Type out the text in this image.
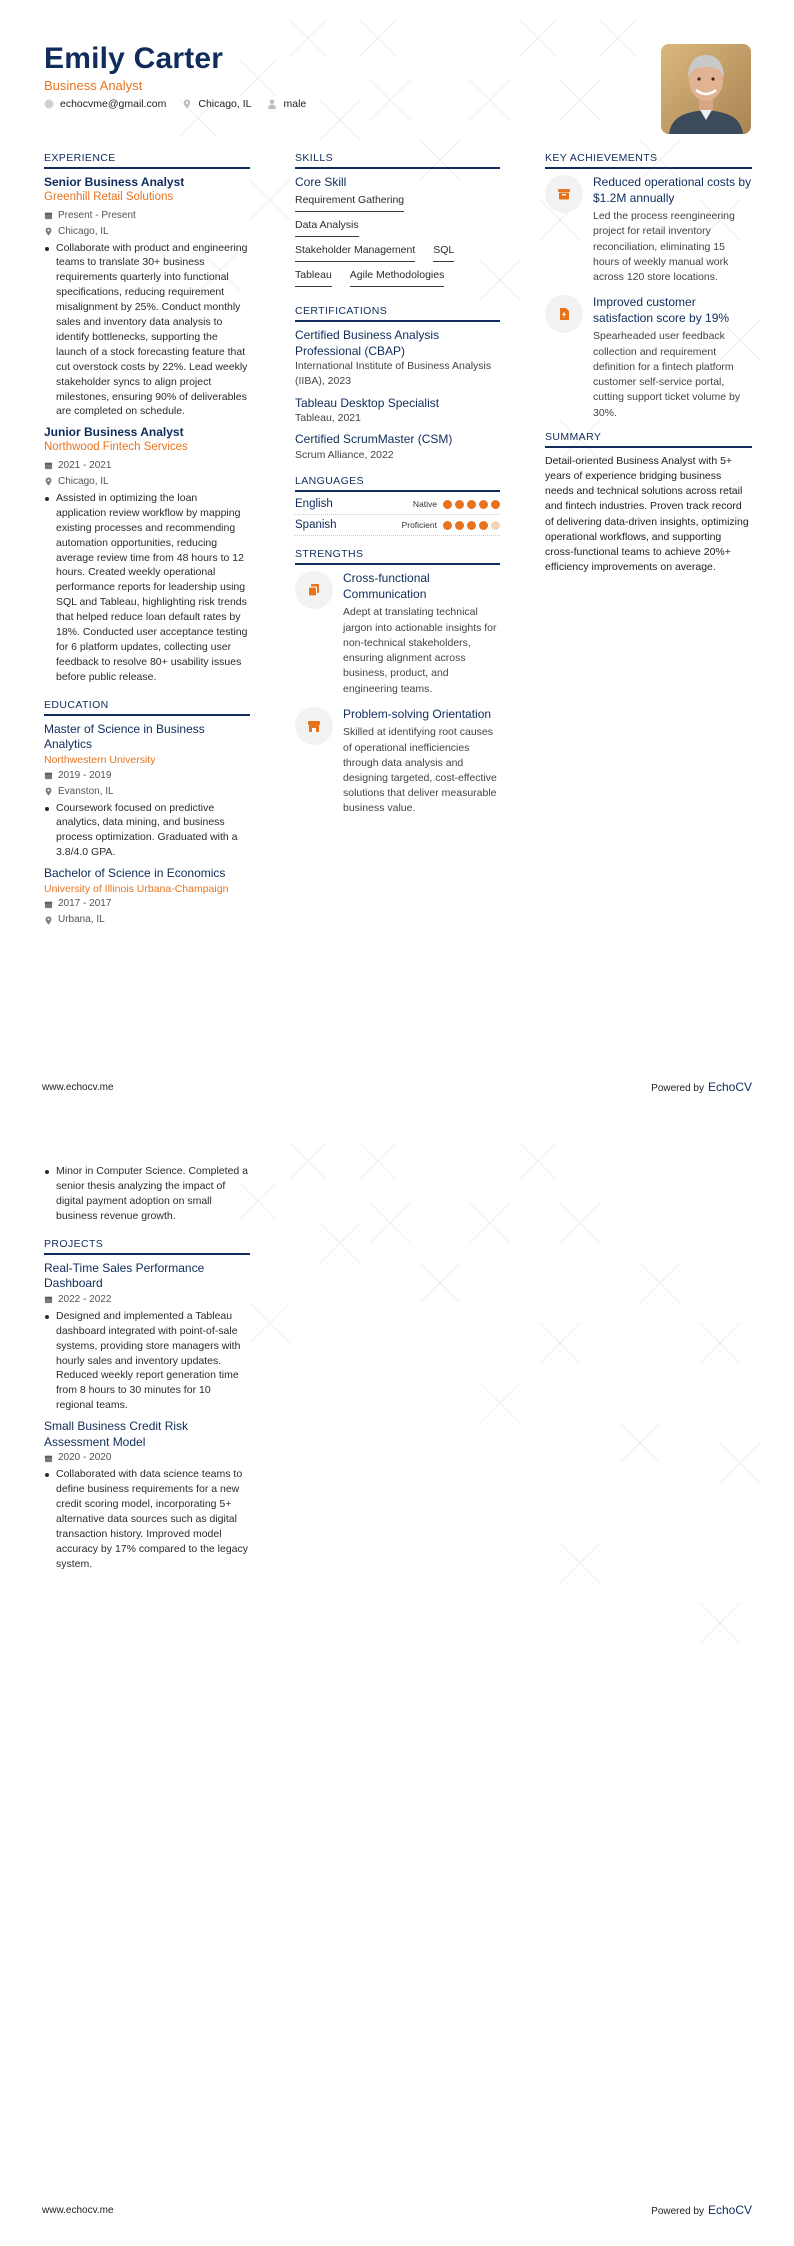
Emily Carter
Business Analyst
echocvme@gmail.com	Chicago, IL	male
EXPERIENCE
Senior Business Analyst
Greenhill Retail Solutions
Present - Present
Chicago, IL
Collaborate with product and engineering teams to translate 30+ business requirements quarterly into functional specifications, reducing requirement misalignment by 25%. Conduct monthly sales and inventory data analysis to identify bottlenecks, supporting the launch of a stock forecasting feature that cut overstock costs by 22%. Lead weekly stakeholder syncs to align project milestones, ensuring 90% of deliverables are completed on schedule.
Junior Business Analyst
Northwood Fintech Services
2021 - 2021
Chicago, IL
Assisted in optimizing the loan application review workflow by mapping existing processes and recommending automation opportunities, reducing average review time from 48 hours to 12 hours. Created weekly operational performance reports for leadership using SQL and Tableau, highlighting risk trends that helped reduce loan default rates by 18%. Conducted user acceptance testing for 6 platform updates, collecting user feedback to resolve 80+ usability issues before public release.
EDUCATION
Master of Science in Business Analytics
Northwestern University
2019 - 2019
Evanston, IL
Coursework focused on predictive analytics, data mining, and business process optimization. Graduated with a 3.8/4.0 GPA.
Bachelor of Science in Economics
University of Illinois Urbana-Champaign
2017 - 2017
Urbana, IL
SKILLS
Core Skill
Requirement Gathering
Data Analysis
Stakeholder Management SQL
Tableau Agile Methodologies
CERTIFICATIONS
Certified Business Analysis Professional (CBAP)
International Institute of Business Analysis (IIBA), 2023
Tableau Desktop Specialist
Tableau, 2021
Certified ScrumMaster (CSM)
Scrum Alliance, 2022
LANGUAGES
English	Native
Spanish	Proficient
STRENGTHS
Cross-functional Communication
Adept at translating technical jargon into actionable insights for non-technical stakeholders, ensuring alignment across business, product, and engineering teams.
Problem-solving Orientation
Skilled at identifying root causes of operational inefficiencies through data analysis and designing targeted, cost-effective solutions that deliver measurable business value.
KEY ACHIEVEMENTS
Reduced operational costs by $1.2M annually
Led the process reengineering project for retail inventory reconciliation, eliminating 15 hours of weekly manual work across 120 store locations.
Improved customer satisfaction score by 19%
Spearheaded user feedback collection and requirement definition for a fintech platform customer self-service portal, cutting support ticket volume by 30%.
SUMMARY
Detail-oriented Business Analyst with 5+ years of experience bridging business needs and technical solutions across retail and fintech industries. Proven track record of delivering data-driven insights, optimizing operational workflows, and supporting cross-functional teams to achieve 20%+ efficiency improvements on average.
www.echocv.me	Powered by EchoCV
Minor in Computer Science. Completed a senior thesis analyzing the impact of digital payment adoption on small business revenue growth.
PROJECTS
Real-Time Sales Performance Dashboard
2022 - 2022
Designed and implemented a Tableau dashboard integrated with point-of-sale systems, providing store managers with hourly sales and inventory updates. Reduced weekly report generation time from 8 hours to 30 minutes for 10 regional teams.
Small Business Credit Risk Assessment Model
2020 - 2020
Collaborated with data science teams to define business requirements for a new credit scoring model, incorporating 5+ alternative data sources such as digital transaction history. Improved model accuracy by 17% compared to the legacy system.
www.echocv.me	Powered by EchoCV
